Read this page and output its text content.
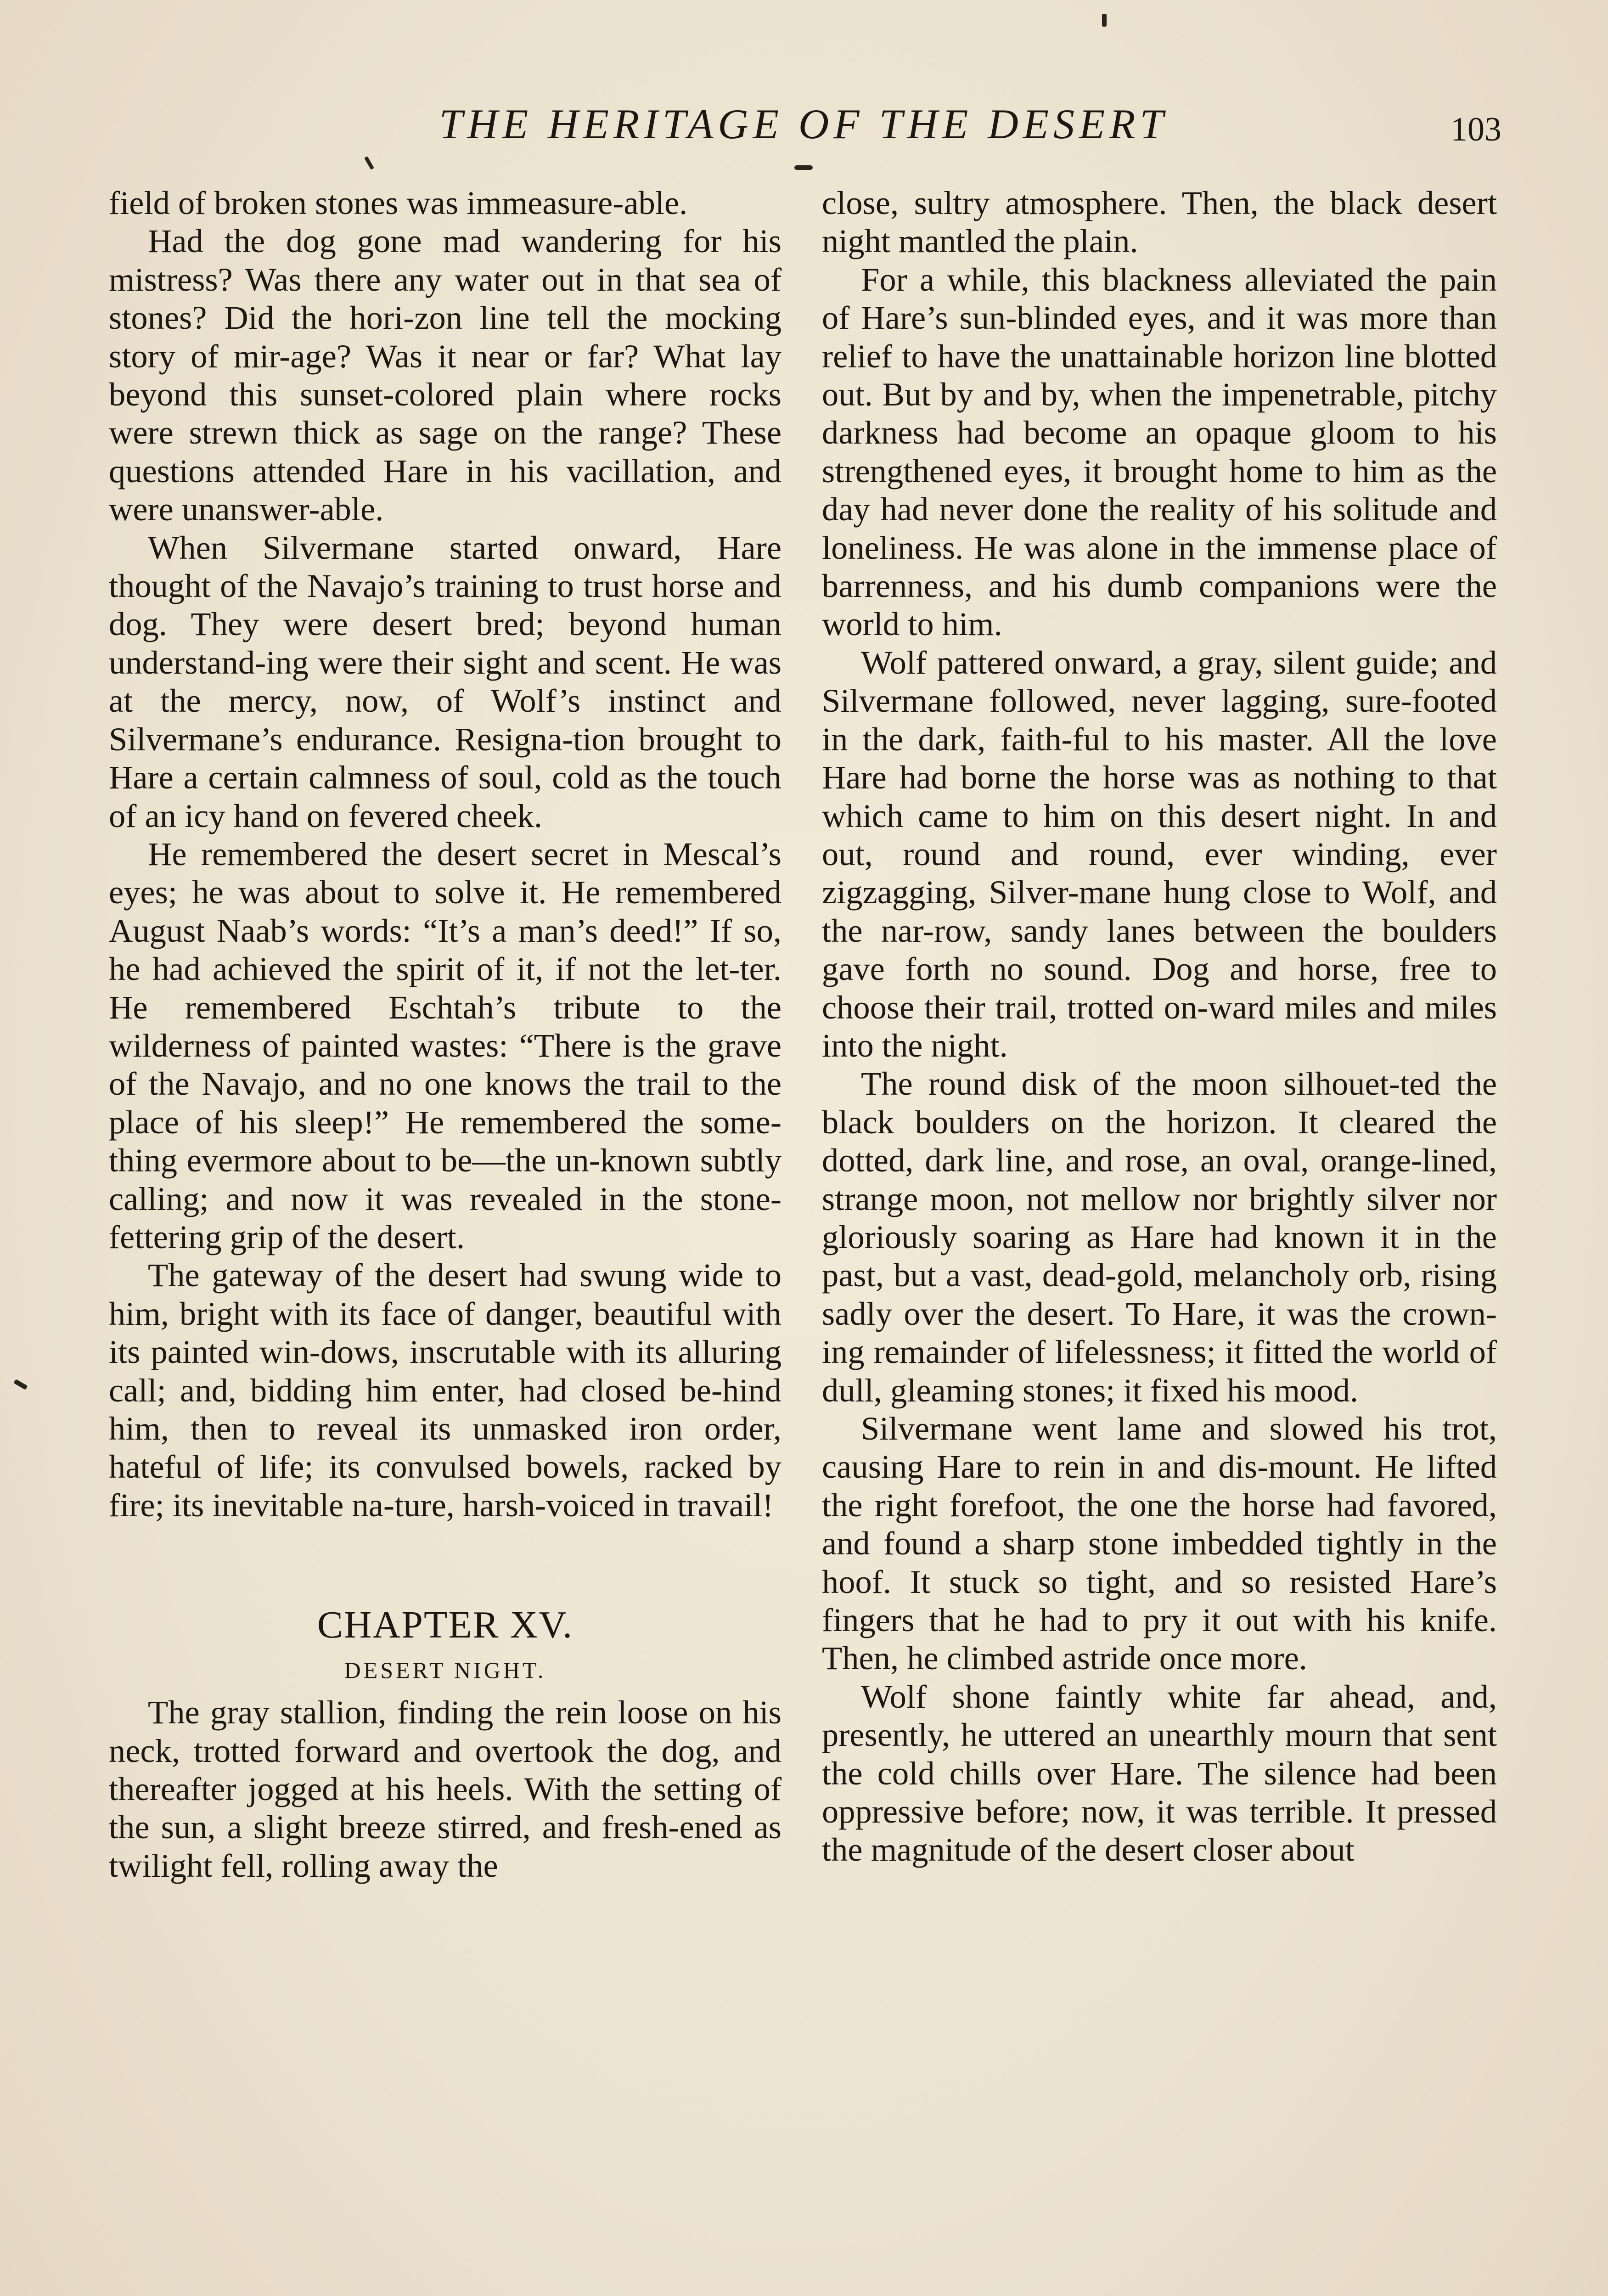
THE HERITAGE OF THE DESERT	103

field of broken stones was immeasure-able.

Had the dog gone mad wandering for his mistress? Was there any water out in that sea of stones? Did the hori-zon line tell the mocking story of mir-age? Was it near or far? What lay beyond this sunset-colored plain where rocks were strewn thick as sage on the range? These questions attended Hare in his vacillation, and were unanswer-able.

When Silvermane started onward, Hare thought of the Navajo’s training to trust horse and dog. They were desert bred; beyond human understand-ing were their sight and scent. He was at the mercy, now, of Wolf’s instinct and Silvermane’s endurance. Resigna-tion brought to Hare a certain calmness of soul, cold as the touch of an icy hand on fevered cheek.

He remembered the desert secret in Mescal’s eyes; he was about to solve it. He remembered August Naab’s words: “It’s a man’s deed!” If so, he had achieved the spirit of it, if not the let-ter. He remembered Eschtah’s tribute to the wilderness of painted wastes: “There is the grave of the Navajo, and no one knows the trail to the place of his sleep!” He remembered the some-thing evermore about to be—the un-known subtly calling; and now it was revealed in the stone-fettering grip of the desert.

The gateway of the desert had swung wide to him, bright with its face of danger, beautiful with its painted win-dows, inscrutable with its alluring call; and, bidding him enter, had closed be-hind him, then to reveal its unmasked iron order, hateful of life; its convulsed bowels, racked by fire; its inevitable na-ture, harsh-voiced in travail!

CHAPTER XV.
DESERT NIGHT.

The gray stallion, finding the rein loose on his neck, trotted forward and overtook the dog, and thereafter jogged at his heels. With the setting of the sun, a slight breeze stirred, and fresh-ened as twilight fell, rolling away the

close, sultry atmosphere. Then, the black desert night mantled the plain.

For a while, this blackness alleviated the pain of Hare’s sun-blinded eyes, and it was more than relief to have the unattainable horizon line blotted out. But by and by, when the impenetrable, pitchy darkness had become an opaque gloom to his strengthened eyes, it brought home to him as the day had never done the reality of his solitude and loneliness. He was alone in the immense place of barrenness, and his dumb companions were the world to him.

Wolf pattered onward, a gray, silent guide; and Silvermane followed, never lagging, sure-footed in the dark, faith-ful to his master. All the love Hare had borne the horse was as nothing to that which came to him on this desert night. In and out, round and round, ever winding, ever zigzagging, Silver-mane hung close to Wolf, and the nar-row, sandy lanes between the boulders gave forth no sound. Dog and horse, free to choose their trail, trotted on-ward miles and miles into the night.

The round disk of the moon silhouet-ted the black boulders on the horizon. It cleared the dotted, dark line, and rose, an oval, orange-lined, strange moon, not mellow nor brightly silver nor gloriously soaring as Hare had known it in the past, but a vast, dead-gold, melancholy orb, rising sadly over the desert. To Hare, it was the crown-ing remainder of lifelessness; it fitted the world of dull, gleaming stones; it fixed his mood.

Silvermane went lame and slowed his trot, causing Hare to rein in and dis-mount. He lifted the right forefoot, the one the horse had favored, and found a sharp stone imbedded tightly in the hoof. It stuck so tight, and so resisted Hare’s fingers that he had to pry it out with his knife. Then, he climbed astride once more.

Wolf shone faintly white far ahead, and, presently, he uttered an unearthly mourn that sent the cold chills over Hare. The silence had been oppressive before; now, it was terrible. It pressed the magnitude of the desert closer about
